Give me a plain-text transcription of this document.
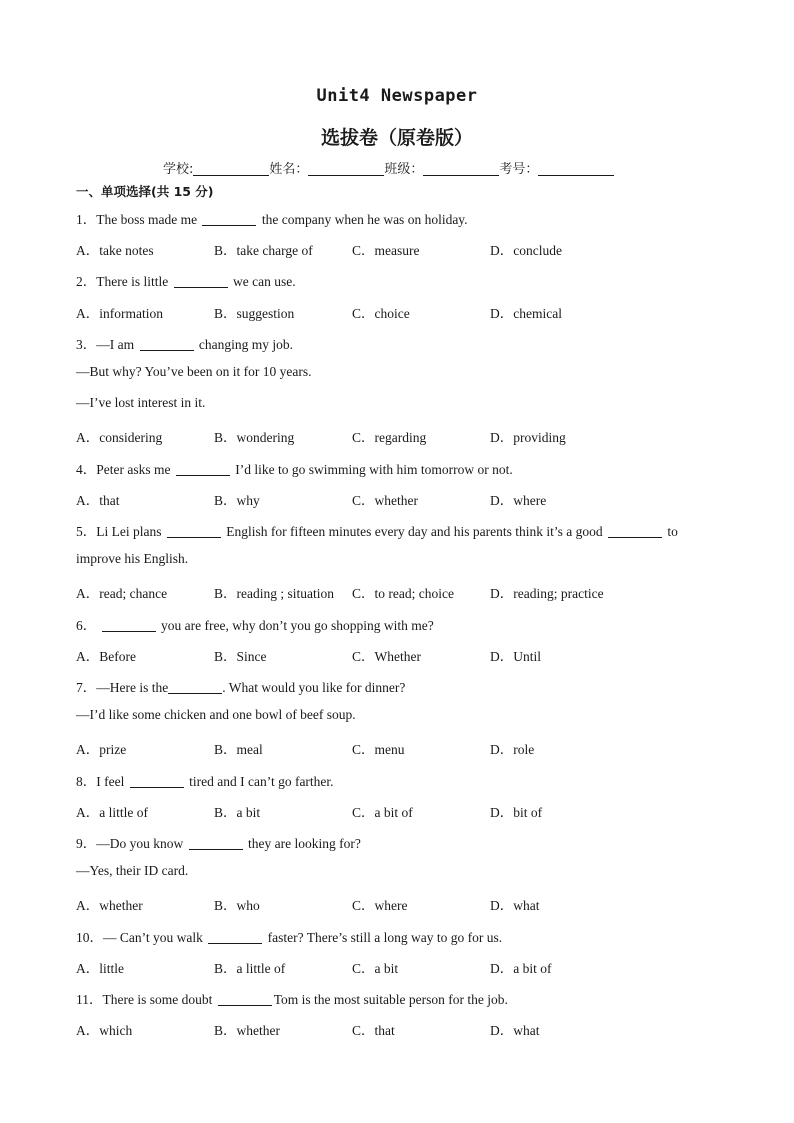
Unit4 Newspaper
选拔卷（原卷版）
学校:	姓名：	班级：	考号：
一、单项选择(共 15 分)
1．The boss made me	the company when he was on holiday.
A．take notes	B．take charge of	C．measure	D．conclude
2．There is little	we can use.
A．information	B．suggestion	C．choice	D．chemical
3．—I am	changing my job.
—But why? You’ve been on it for 10 years.
—I’ve lost interest in it.
A．considering	B．wondering	C．regarding	D．providing
4．Peter asks me	I’d like to go swimming with him tomorrow or not.
A．that	B．why	C．whether	D．where
5．Li Lei plans	English for fifteen minutes every day and his parents think it’s a good	to
improve his English.
A．read; chance	B．reading ; situation C．to read; choice	D．reading; practice
6．	you are free, why don’t you go shopping with me?
A．Before	B．Since	C．Whether	D．Until
7．—Here is the	. What would you like for dinner?
—I’d like some chicken and one bowl of beef soup.
A．prize	B．meal	C．menu	D．role
8．I feel	tired and I can’t go farther.
A．a little of	B．a bit	C．a bit of	D．bit of
9．—Do you know	they are looking for?
—Yes, their ID card.
A．whether	B．who	C．where	D．what
10．— Can’t you walk	faster? There’s still a long way to go for us.
A．little	B．a little of	C．a bit	D．a bit of
11．There is some doubt	Tom is the most suitable person for the job.
A．which	B．whether	C．that	D．what
